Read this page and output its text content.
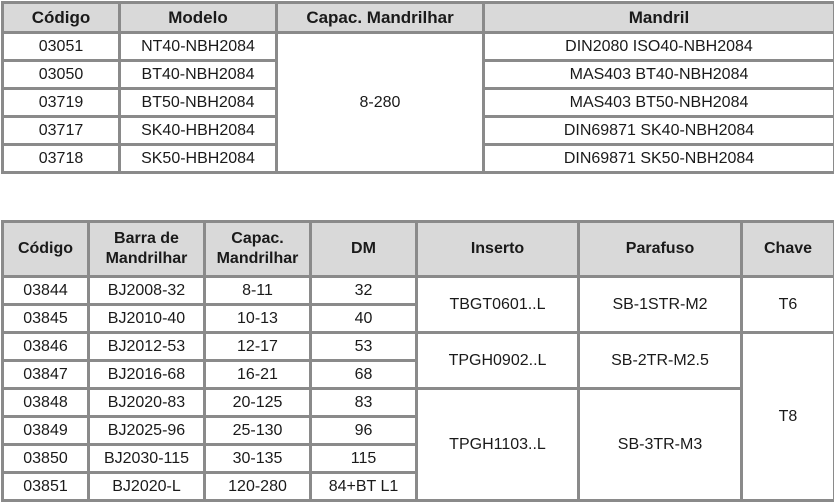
Código	Modelo	Capac. Mandrilhar	Mandril
03051	NT40-NBH2084	8-280	DIN2080 ISO40-NBH2084
03050	BT40-NBH2084		MAS403 BT40-NBH2084
03719	BT50-NBH2084		MAS403 BT50-NBH2084
03717	SK40-HBH2084		DIN69871 SK40-NBH2084
03718	SK50-HBH2084		DIN69871 SK50-NBH2084
Código	Barra de Mandrilhar	Capac. Mandrilhar	DM	Inserto	Parafuso	Chave
03844	BJ2008-32	8-11	32	TBGT0601..L	SB-1STR-M2	T6
03845	BJ2010-40	10-13	40			
03846	BJ2012-53	12-17	53	TPGH0902..L	SB-2TR-M2.5	T8
03847	BJ2016-68	16-21	68			
03848	BJ2020-83	20-125	83	TPGH1103..L	SB-3TR-M3	
03849	BJ2025-96	25-130	96			
03850	BJ2030-115	30-135	115			
03851	BJ2020-L	120-280	84+BT L1			
